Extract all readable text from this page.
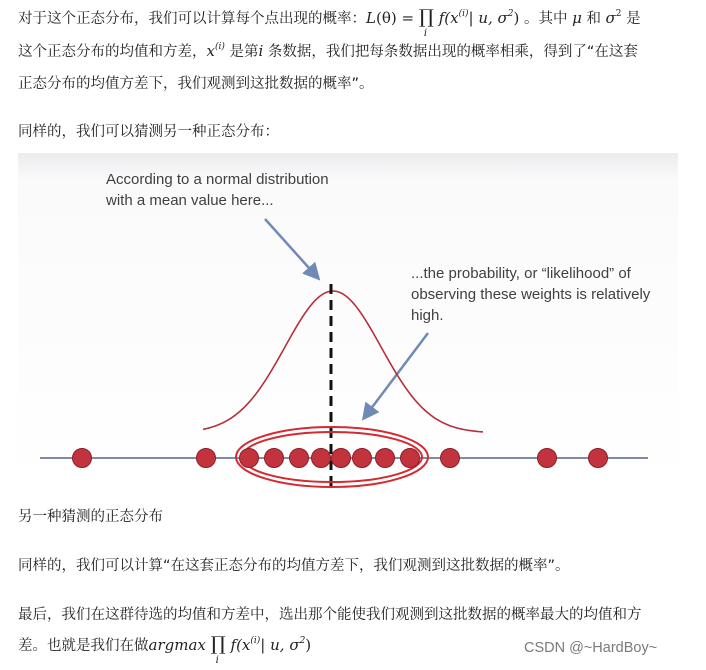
对于这个正态分布，我们可以计算每个点出现的概率：L(θ) = ∏
i
$f(x^{(i)}|$ u, $\sigma^2$) 。其中 μ 和 $\sigma^2$ 是
这个正态分布的均值和方差，$x^{(i)}$ 是第i 条数据，我们把每条数据出现的概率相乘，得到了“在这套
正态分布的均值方差下，我们观测到这批数据的概率”。
同样的，我们可以猜测另一种正态分布：
According to a normal distribution
with a mean value here...
...the probability, or “likelihood” of
observing these weights is relatively
high.
另一种猜测的正态分布
同样的，我们可以计算“在这套正态分布的均值方差下，我们观测到这批数据的概率”。
最后，我们在这群待选的均值和方差中，选出那个能使我们观测到这批数据的概率最大的均值和方
差。也就是我们在做argmax ∏
i
$f(x^{(i)}|$ u, $\sigma^2$)	CSDN @~HardBoy~
